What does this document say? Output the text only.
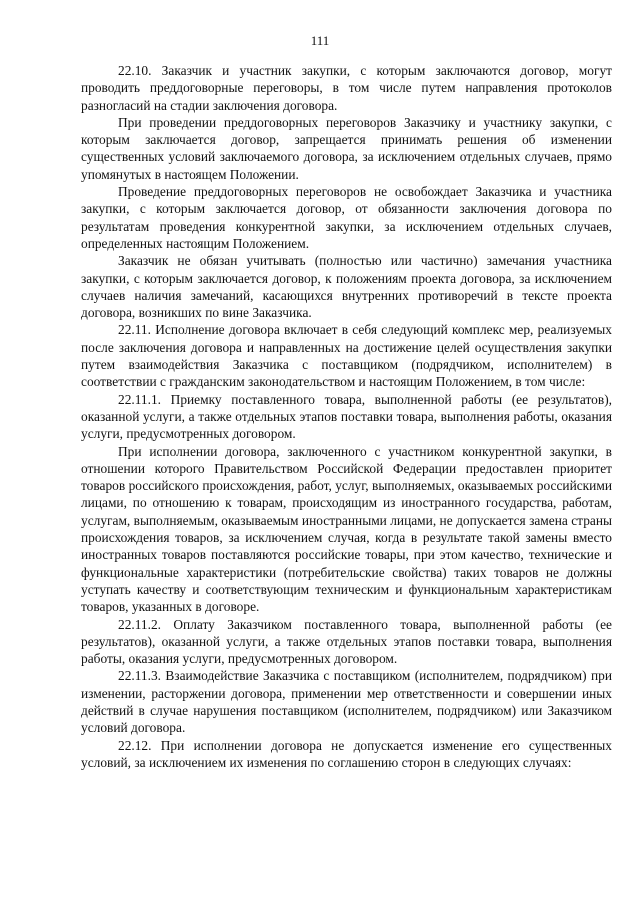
111

22.10. Заказчик и участник закупки, с которым заключаются договор, могут проводить преддоговорные переговоры, в том числе путем направления протоколов разногласий на стадии заключения договора.

При проведении преддоговорных переговоров Заказчику и участнику закупки, с которым заключается договор, запрещается принимать решения об изменении существенных условий заключаемого договора, за исключением отдельных случаев, прямо упомянутых в настоящем Положении.

Проведение преддоговорных переговоров не освобождает Заказчика и участника закупки, с которым заключается договор, от обязанности заключения договора по результатам проведения конкурентной закупки, за исключением отдельных случаев, определенных настоящим Положением.

Заказчик не обязан учитывать (полностью или частично) замечания участника закупки, с которым заключается договор, к положениям проекта договора, за исключением случаев наличия замечаний, касающихся внутренних противоречий в тексте проекта договора, возникших по вине Заказчика.

22.11. Исполнение договора включает в себя следующий комплекс мер, реализуемых после заключения договора и направленных на достижение целей осуществления закупки путем взаимодействия Заказчика с поставщиком (подрядчиком, исполнителем) в соответствии с гражданским законодательством и настоящим Положением, в том числе:

22.11.1. Приемку поставленного товара, выполненной работы (ее результатов), оказанной услуги, а также отдельных этапов поставки товара, выполнения работы, оказания услуги, предусмотренных договором.

При исполнении договора, заключенного с участником конкурентной закупки, в отношении которого Правительством Российской Федерации предоставлен приоритет товаров российского происхождения, работ, услуг, выполняемых, оказываемых российскими лицами, по отношению к товарам, происходящим из иностранного государства, работам, услугам, выполняемым, оказываемым иностранными лицами, не допускается замена страны происхождения товаров, за исключением случая, когда в результате такой замены вместо иностранных товаров поставляются российские товары, при этом качество, технические и функциональные характеристики (потребительские свойства) таких товаров не должны уступать качеству и соответствующим техническим и функциональным характеристикам товаров, указанных в договоре.

22.11.2. Оплату Заказчиком поставленного товара, выполненной работы (ее результатов), оказанной услуги, а также отдельных этапов поставки товара, выполнения работы, оказания услуги, предусмотренных договором.

22.11.3. Взаимодействие Заказчика с поставщиком (исполнителем, подрядчиком) при изменении, расторжении договора, применении мер ответственности и совершении иных действий в случае нарушения поставщиком (исполнителем, подрядчиком) или Заказчиком условий договора.

22.12. При исполнении договора не допускается изменение его существенных условий, за исключением их изменения по соглашению сторон в следующих случаях:
